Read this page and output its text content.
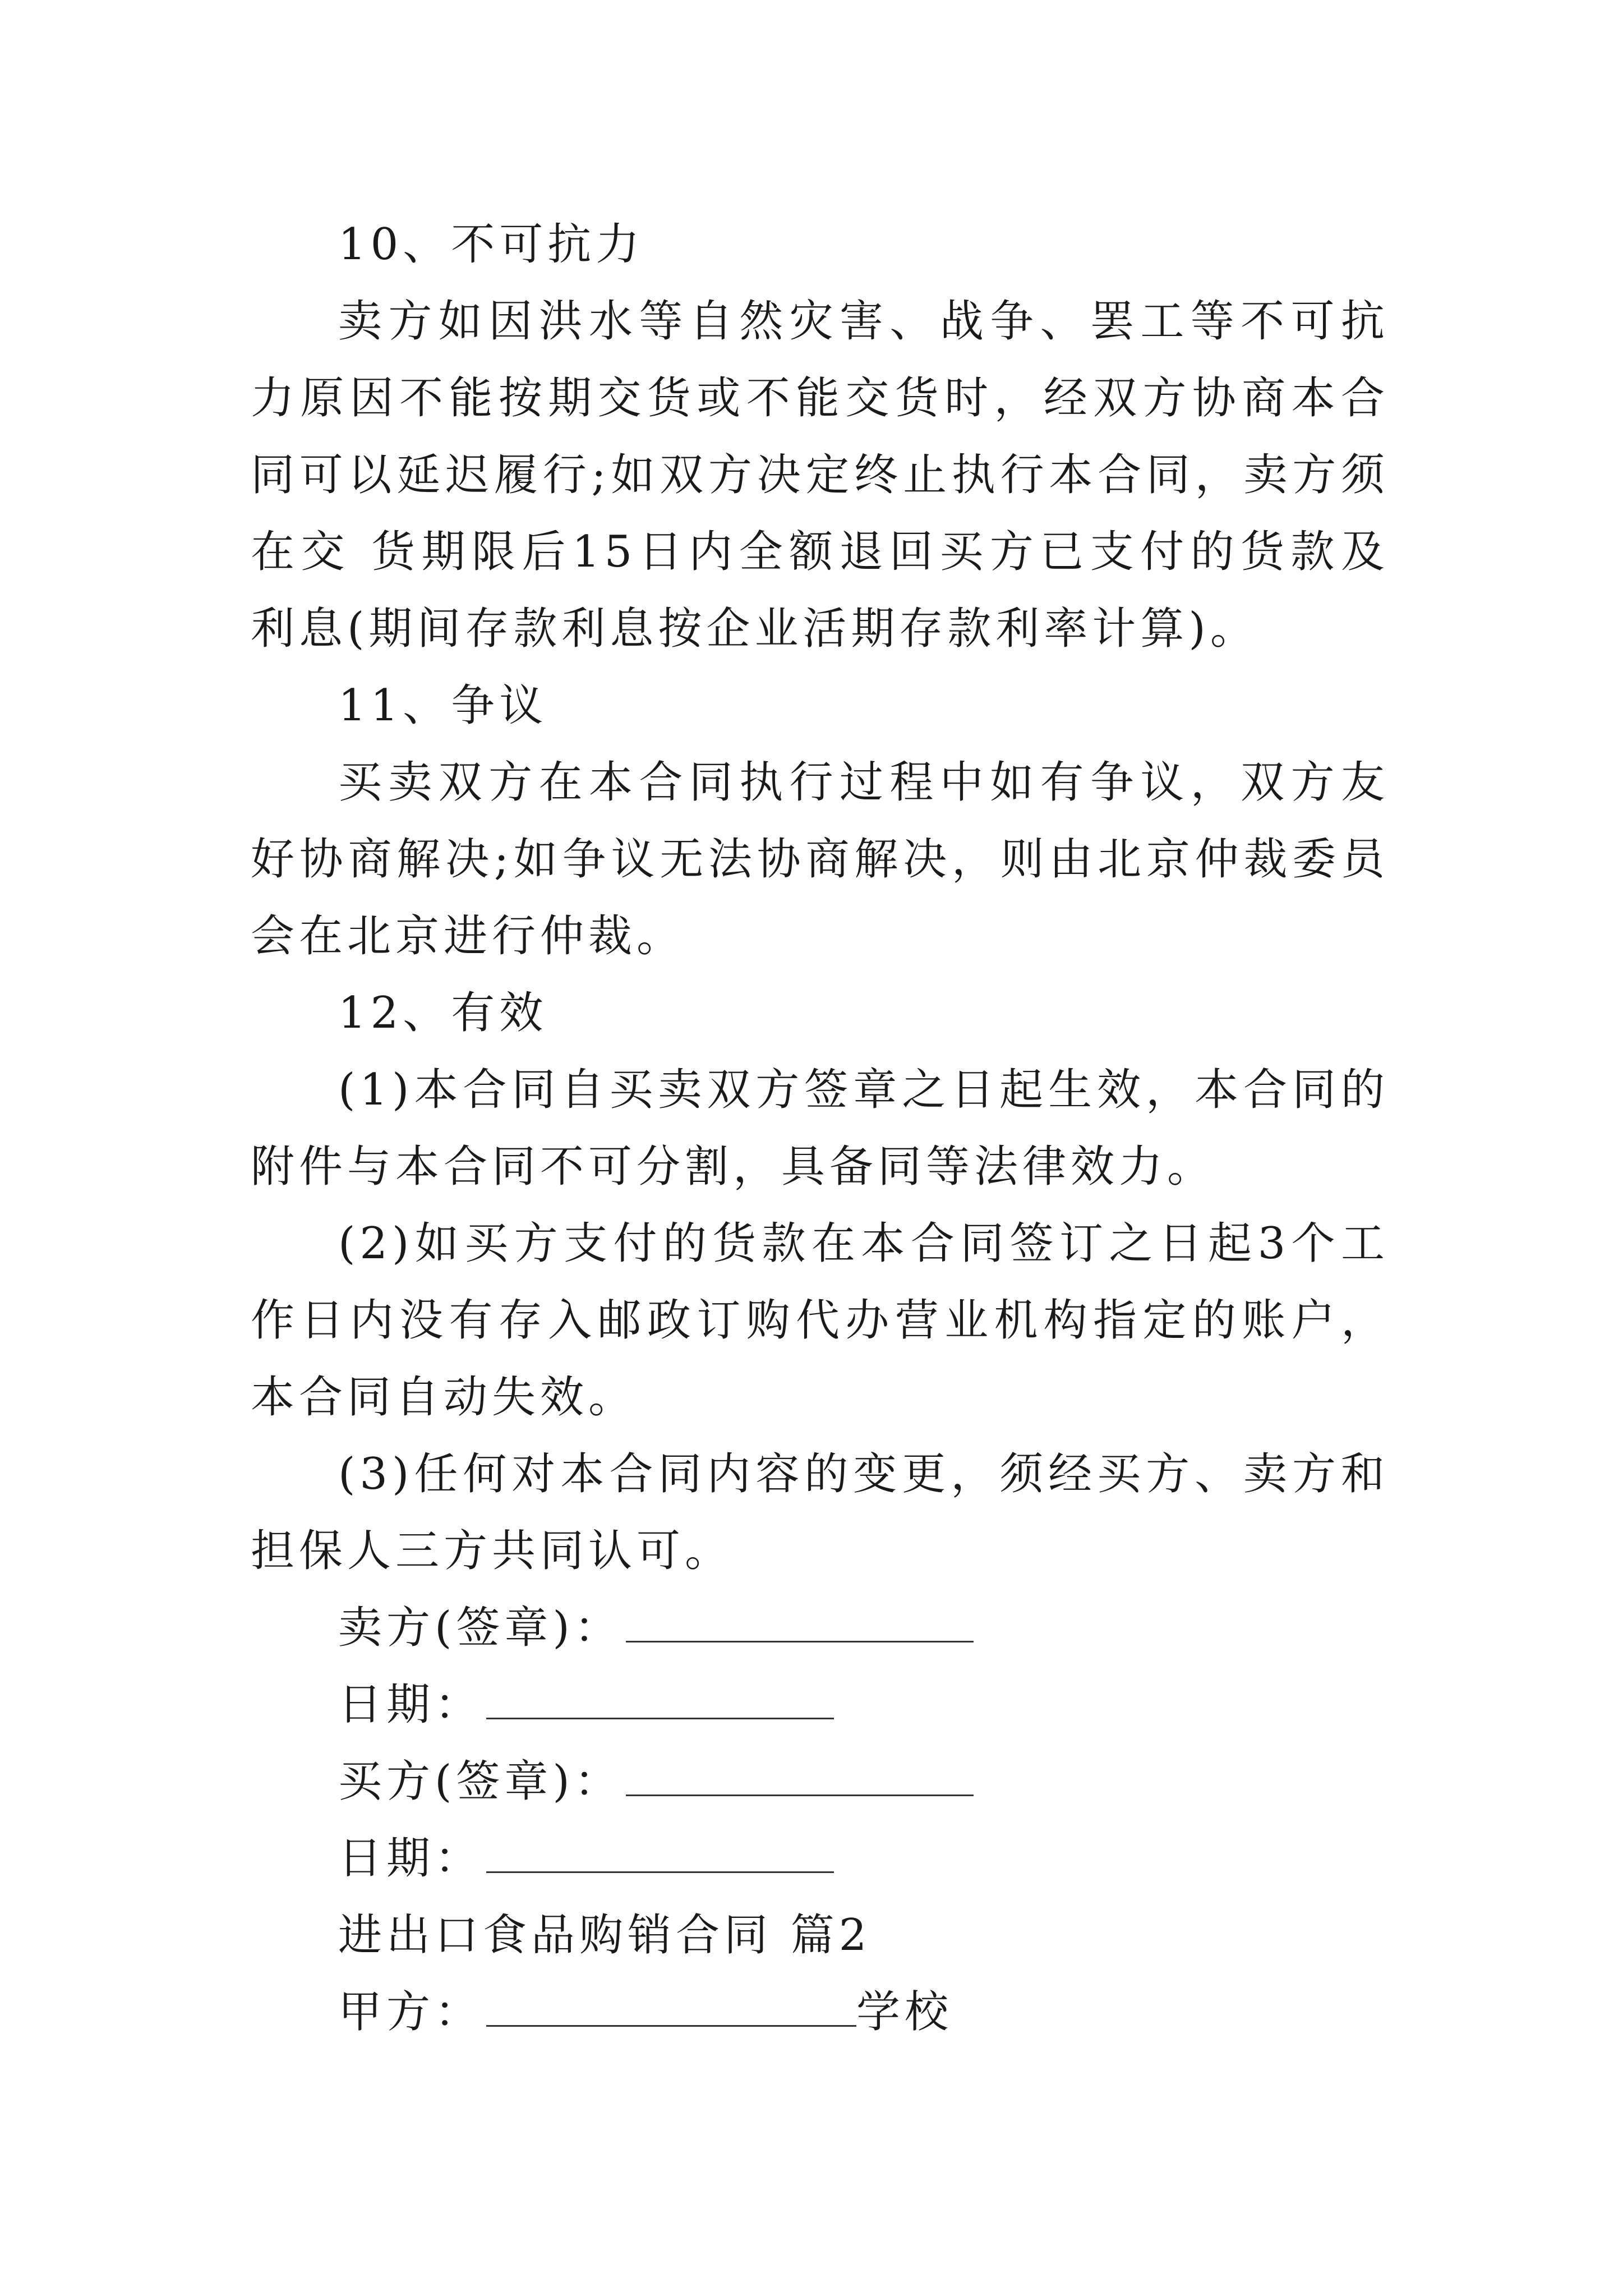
10、不可抗力

卖方如因洪水等自然灾害、战争、罢工等不可抗力原因不能按期交货或不能交货时，经双方协商本合同可以延迟履行;如双方决定终止执行本合同，卖方须在交 货期限后15日内全额退回买方已支付的货款及利息(期间存款利息按企业活期存款利率计算)。

11、争议

买卖双方在本合同执行过程中如有争议，双方友好协商解决;如争议无法协商解决，则由北京仲裁委员会在北京进行仲裁。

12、有效

(1)本合同自买卖双方签章之日起生效，本合同的附件与本合同不可分割，具备同等法律效力。

(2)如买方支付的货款在本合同签订之日起3个工作日内没有存入邮政订购代办营业机构指定的账户，本合同自动失效。

(3)任何对本合同内容的变更，须经买方、卖方和担保人三方共同认可。

卖方(签章)：
日期：
买方(签章)：
日期：
进出口食品购销合同 篇2
甲方：	学校
